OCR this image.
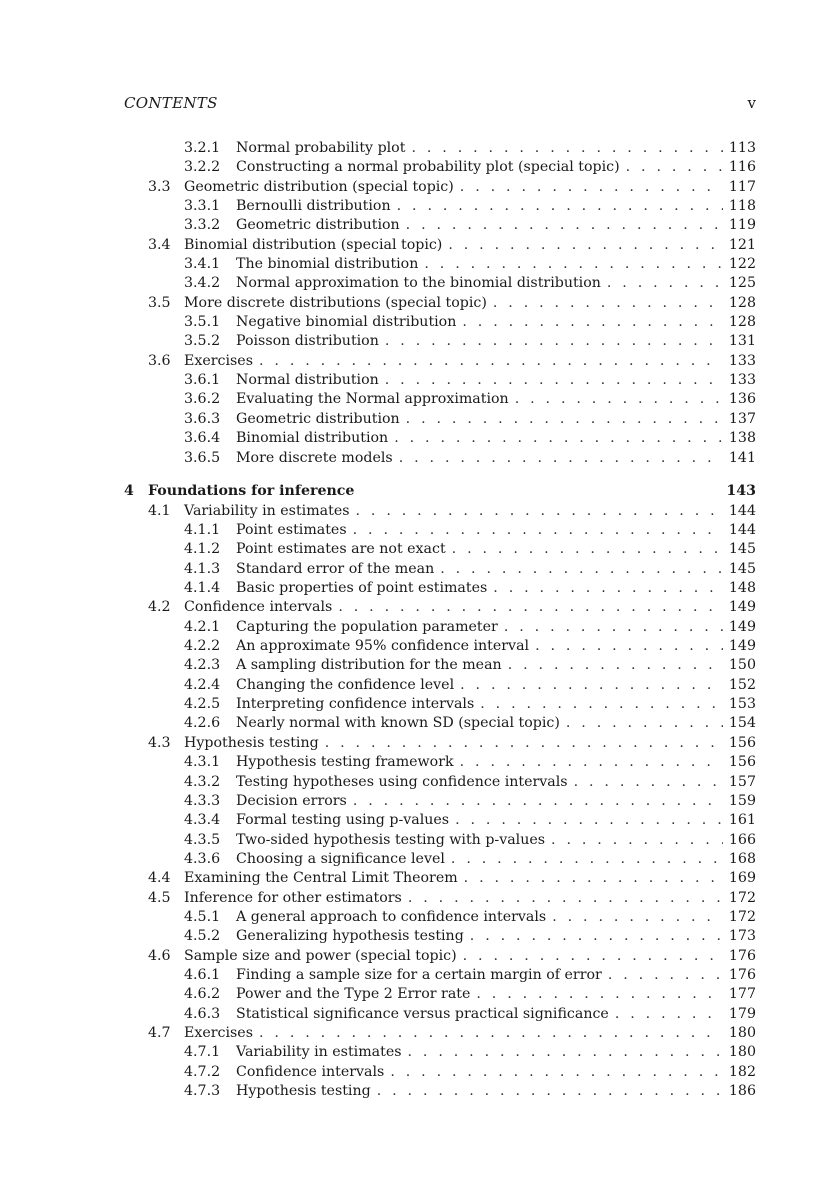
CONTENTS	v
3.2.1	Normal probability plot . . .	113
3.2.2	Constructing a normal probability plot (special topic) . . .	116
3.3 Geometric distribution (special topic) . . .	117
3.3.1	Bernoulli distribution . . .	118
3.3.2	Geometric distribution . . .	119
3.4 Binomial distribution (special topic) . . .	121
3.4.1	The binomial distribution . . .	122
3.4.2	Normal approximation to the binomial distribution . . .	125
3.5 More discrete distributions (special topic) . . .	128
3.5.1	Negative binomial distribution . . .	128
3.5.2	Poisson distribution . . .	131
3.6 Exercises . . .	133
3.6.1	Normal distribution . . .	133
3.6.2	Evaluating the Normal approximation . . .	136
3.6.3	Geometric distribution . . .	137
3.6.4	Binomial distribution . . .	138
3.6.5	More discrete models . . .	141
4 Foundations for inference	143
4.1 Variability in estimates . . .	144
4.1.1	Point estimates . . .	144
4.1.2	Point estimates are not exact . . .	145
4.1.3	Standard error of the mean . . .	145
4.1.4	Basic properties of point estimates . . .	148
4.2 Confidence intervals . . .	149
4.2.1	Capturing the population parameter . . .	149
4.2.2	An approximate 95% confidence interval . . .	149
4.2.3	A sampling distribution for the mean . . .	150
4.2.4	Changing the confidence level . . .	152
4.2.5	Interpreting confidence intervals . . .	153
4.2.6	Nearly normal with known SD (special topic) . . .	154
4.3 Hypothesis testing . . .	156
4.3.1	Hypothesis testing framework . . .	156
4.3.2	Testing hypotheses using confidence intervals . . .	157
4.3.3	Decision errors . . .	159
4.3.4	Formal testing using p-values . . .	161
4.3.5	Two-sided hypothesis testing with p-values . . .	166
4.3.6	Choosing a significance level . . .	168
4.4 Examining the Central Limit Theorem . . .	169
4.5 Inference for other estimators . . .	172
4.5.1	A general approach to confidence intervals . . .	172
4.5.2	Generalizing hypothesis testing . . .	173
4.6 Sample size and power (special topic) . . .	176
4.6.1	Finding a sample size for a certain margin of error . . .	176
4.6.2	Power and the Type 2 Error rate . . .	177
4.6.3	Statistical significance versus practical significance . . .	179
4.7 Exercises . . .	180
4.7.1	Variability in estimates . . .	180
4.7.2	Confidence intervals . . .	182
4.7.3	Hypothesis testing . . .	186
